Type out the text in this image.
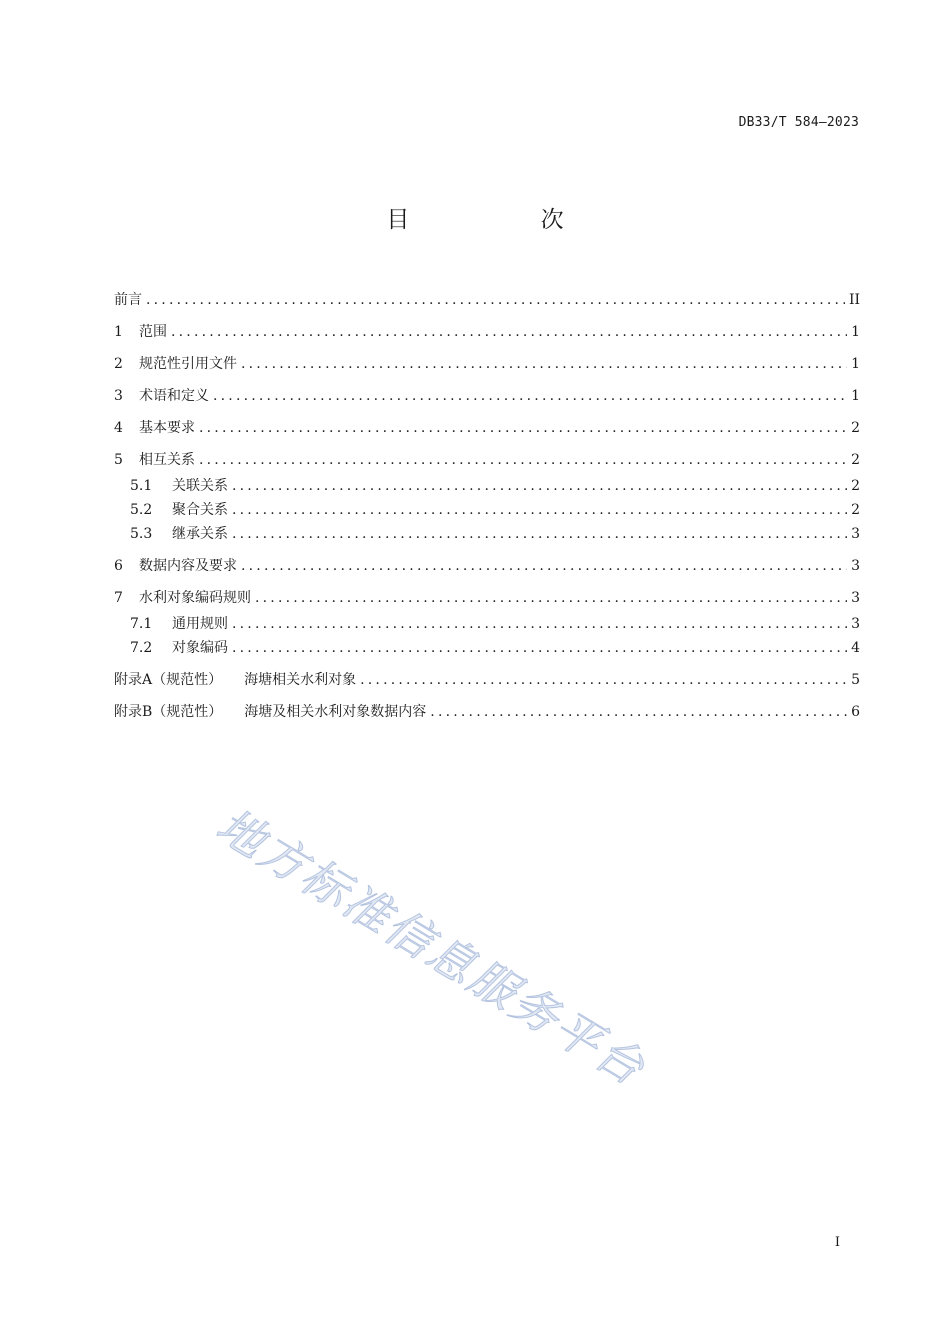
DB33/T 584—2023
目 次
前言 .....	II
1	范围 .....	1
2	规范性引用文件 .....	1
3	术语和定义 .....	1
4	基本要求 .....	2
5	相互关系 .....	2
5.1	关联关系 .....	2
5.2	聚合关系 .....	2
5.3	继承关系 .....	3
6	数据内容及要求 .....	3
7	水利对象编码规则 .....	3
7.1	通用规则 .....	3
7.2	对象编码 .....	4
附录A（规范性） 海塘相关水利对象 .....	5
附录B（规范性） 海塘及相关水利对象数据内容 .....	6
地方标准信息服务平台
I
